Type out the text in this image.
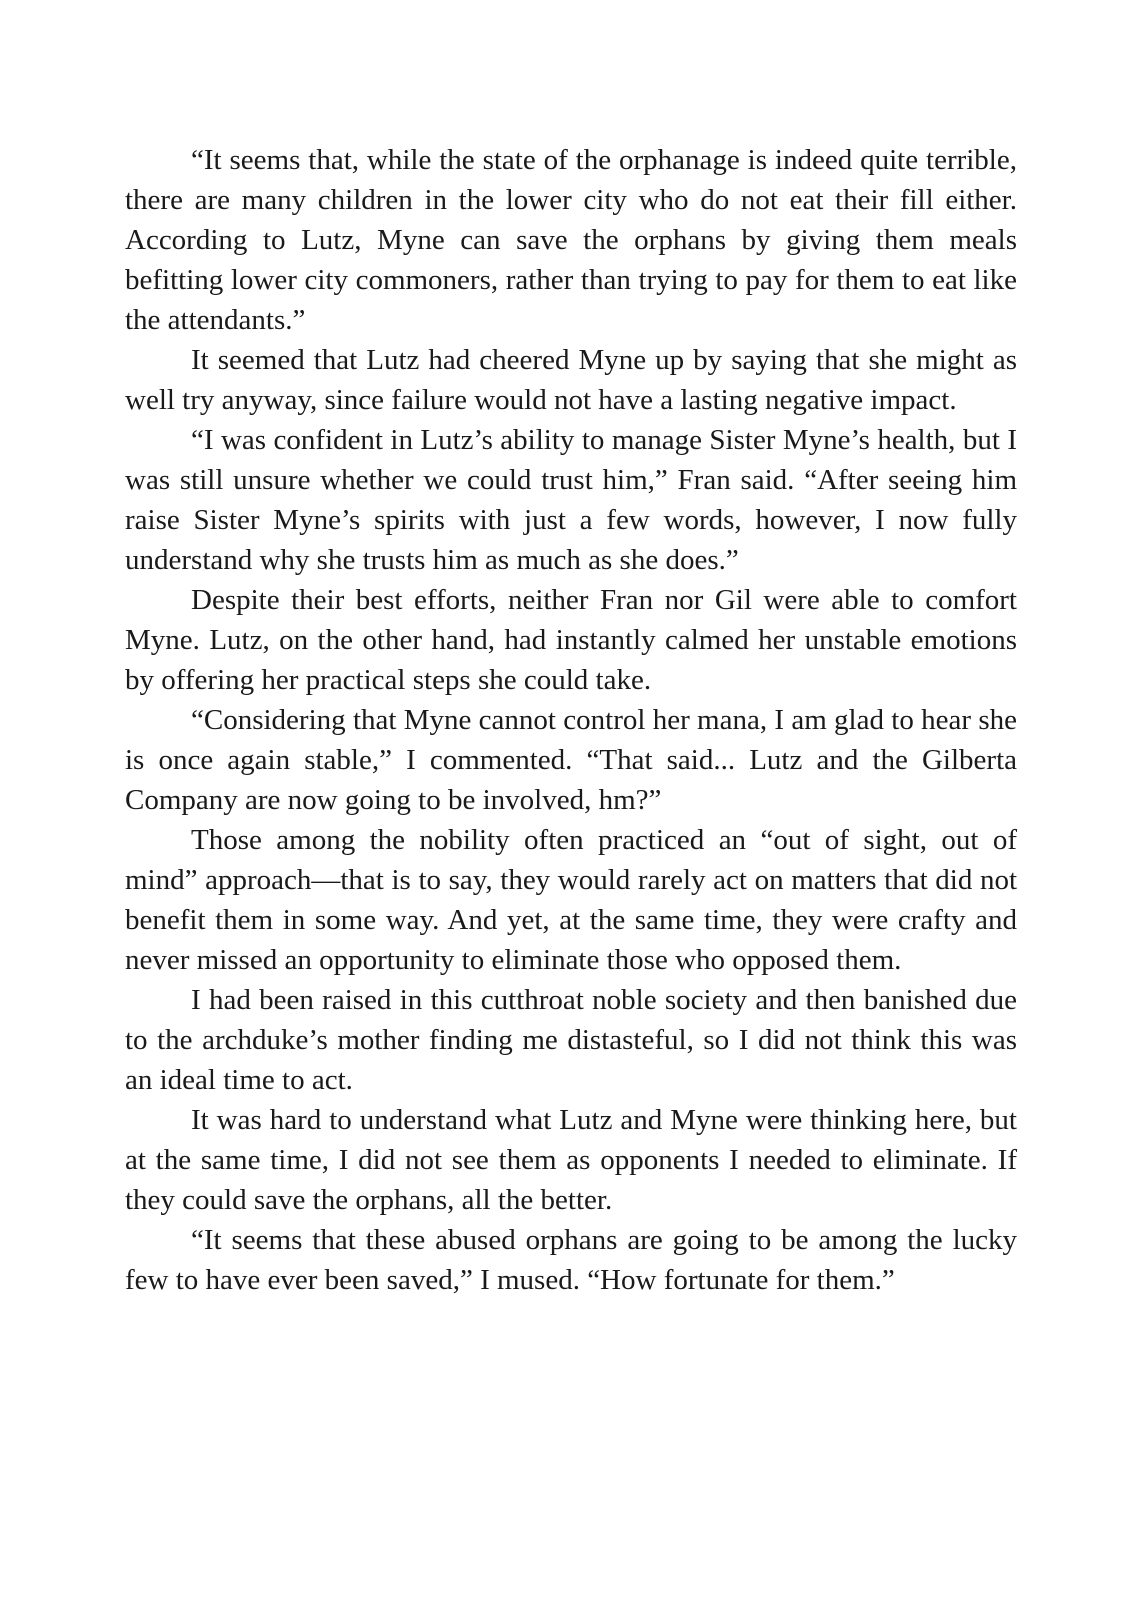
“It seems that, while the state of the orphanage is indeed quite terrible, there are many children in the lower city who do not eat their fill either. According to Lutz, Myne can save the orphans by giving them meals befitting lower city commoners, rather than trying to pay for them to eat like the attendants.”

It seemed that Lutz had cheered Myne up by saying that she might as well try anyway, since failure would not have a lasting negative impact.

“I was confident in Lutz’s ability to manage Sister Myne’s health, but I was still unsure whether we could trust him,” Fran said. “After seeing him raise Sister Myne’s spirits with just a few words, however, I now fully understand why she trusts him as much as she does.”

Despite their best efforts, neither Fran nor Gil were able to comfort Myne. Lutz, on the other hand, had instantly calmed her unstable emotions by offering her practical steps she could take.

“Considering that Myne cannot control her mana, I am glad to hear she is once again stable,” I commented. “That said... Lutz and the Gilberta Company are now going to be involved, hm?”

Those among the nobility often practiced an “out of sight, out of mind” approach—that is to say, they would rarely act on matters that did not benefit them in some way. And yet, at the same time, they were crafty and never missed an opportunity to eliminate those who opposed them.

I had been raised in this cutthroat noble society and then banished due to the archduke’s mother finding me distasteful, so I did not think this was an ideal time to act.

It was hard to understand what Lutz and Myne were thinking here, but at the same time, I did not see them as opponents I needed to eliminate. If they could save the orphans, all the better.

“It seems that these abused orphans are going to be among the lucky few to have ever been saved,” I mused. “How fortunate for them.”
